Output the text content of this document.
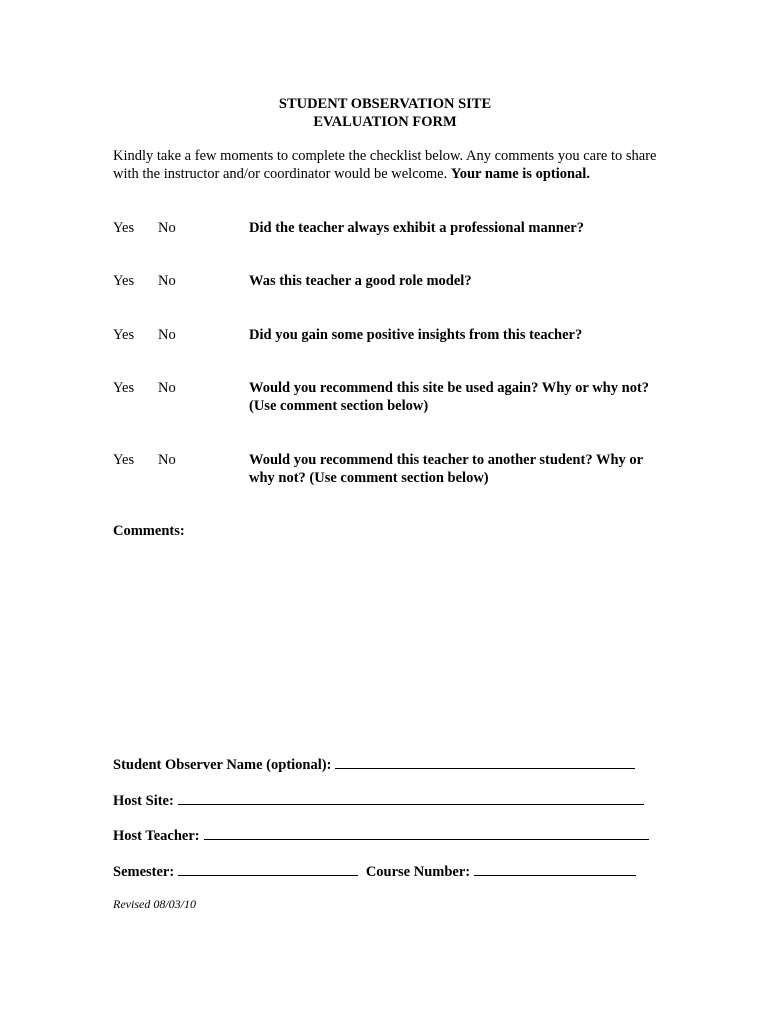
STUDENT OBSERVATION SITE
EVALUATION FORM
Kindly take a few moments to complete the checklist below. Any comments you care to share with the instructor and/or coordinator would be welcome. Your name is optional.
Yes No	Did the teacher always exhibit a professional manner?
Yes No	Was this teacher a good role model?
Yes No	Did you gain some positive insights from this teacher?
Yes No	Would you recommend this site be used again? Why or why not? (Use comment section below)
Yes No	Would you recommend this teacher to another student? Why or why not? (Use comment section below)
Comments:
Student Observer Name (optional):
Host Site:
Host Teacher:
Semester:	Course Number:
Revised 08/03/10
